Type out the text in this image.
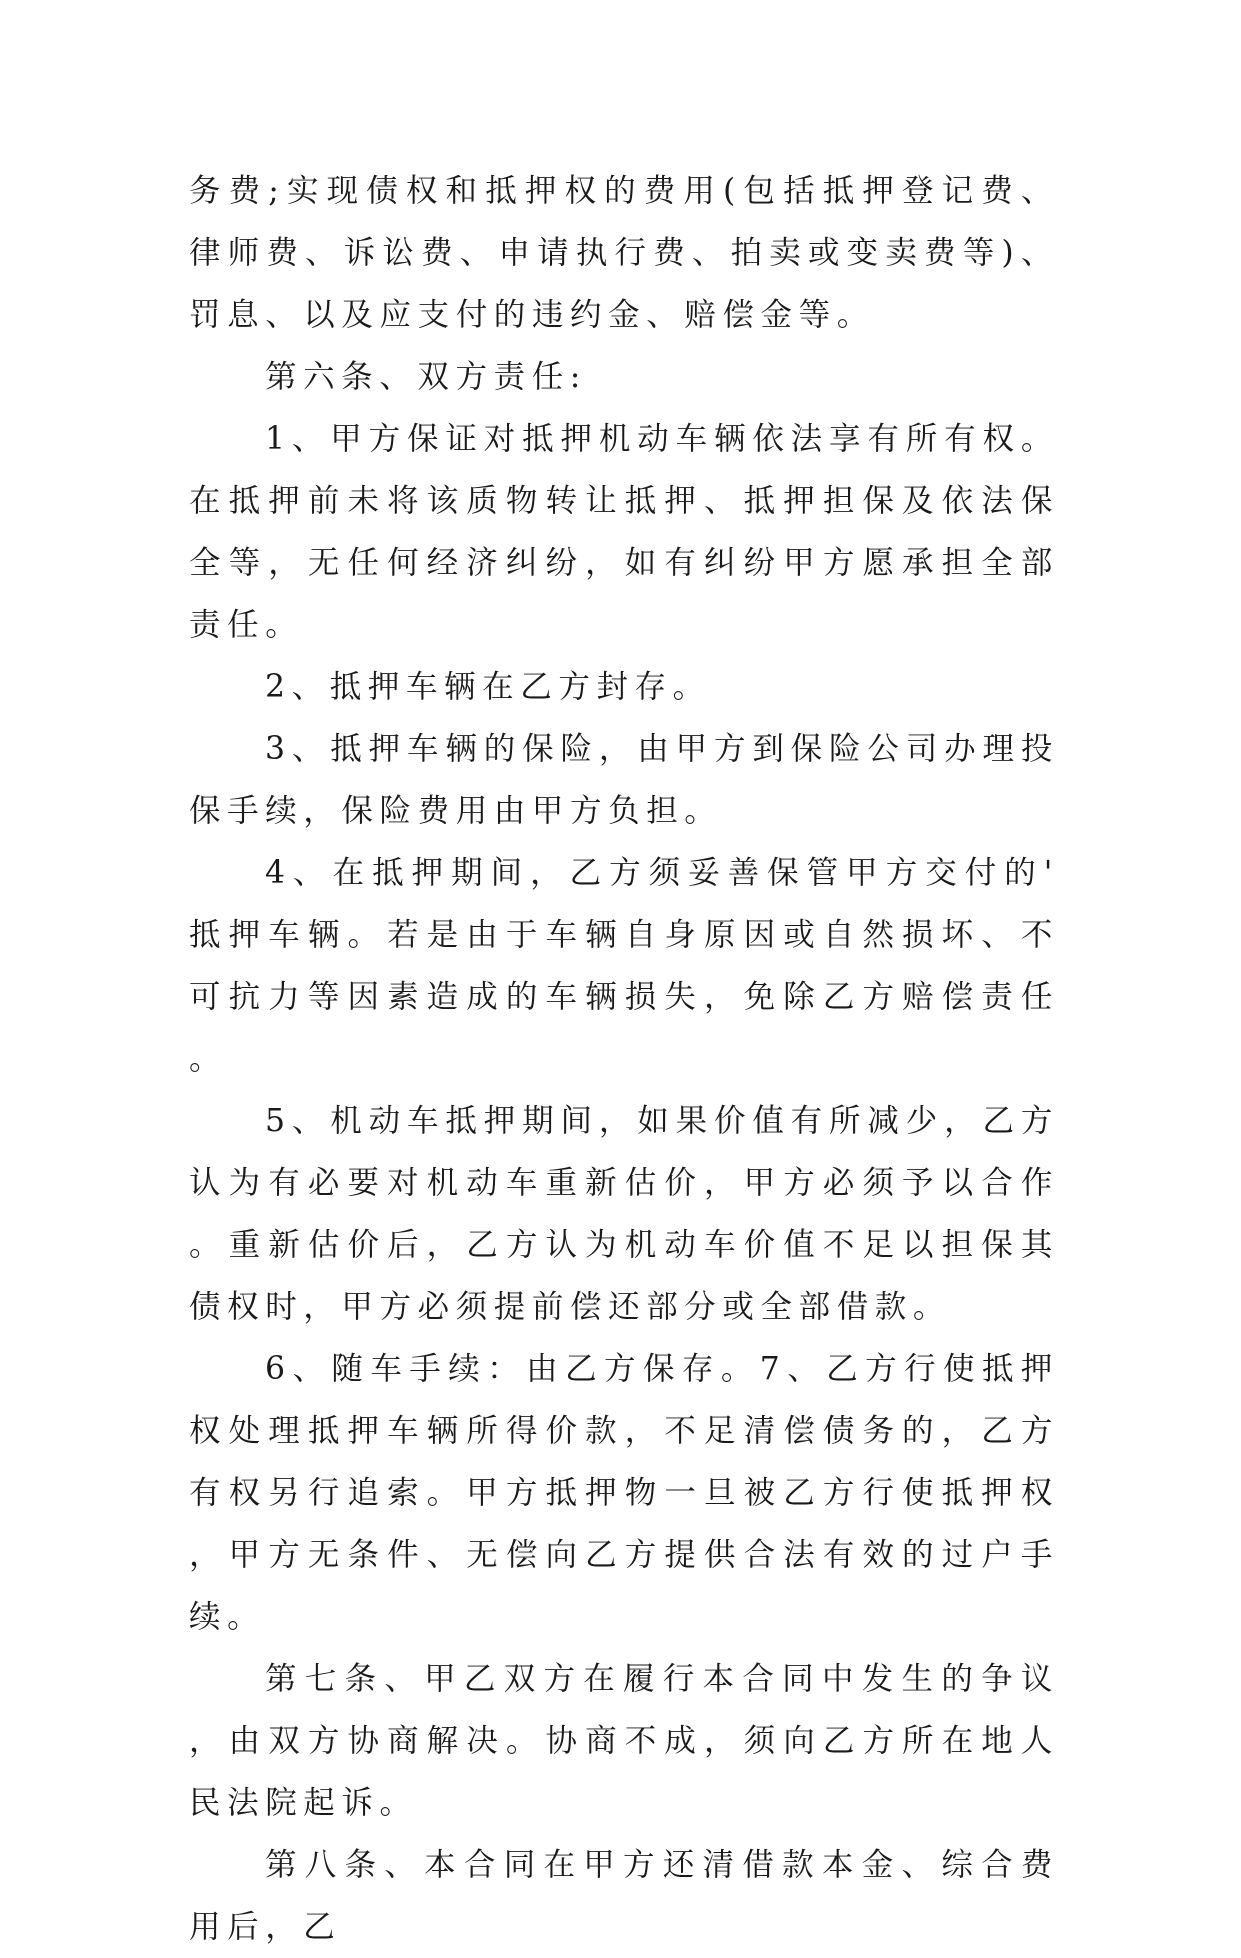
务费;实现债权和抵押权的费用(包括抵押登记费、律师费、诉讼费、申请执行费、拍卖或变卖费等)、罚息、以及应支付的违约金、赔偿金等。

第六条、双方责任:

1、甲方保证对抵押机动车辆依法享有所有权。在抵押前未将该质物转让抵押、抵押担保及依法保全等，无任何经济纠纷，如有纠纷甲方愿承担全部责任。

2、抵押车辆在乙方封存。

3、抵押车辆的保险，由甲方到保险公司办理投保手续，保险费用由甲方负担。

4、在抵押期间，乙方须妥善保管甲方交付的'抵押车辆。若是由于车辆自身原因或自然损坏、不可抗力等因素造成的车辆损失，免除乙方赔偿责任。

5、机动车抵押期间，如果价值有所减少，乙方认为有必要对机动车重新估价，甲方必须予以合作。重新估价后，乙方认为机动车价值不足以担保其债权时，甲方必须提前偿还部分或全部借款。

6、随车手续：由乙方保存。7、乙方行使抵押权处理抵押车辆所得价款，不足清偿债务的，乙方有权另行追索。甲方抵押物一旦被乙方行使抵押权，甲方无条件、无偿向乙方提供合法有效的过户手续。

第七条、甲乙双方在履行本合同中发生的争议，由双方协商解决。协商不成，须向乙方所在地人民法院起诉。

第八条、本合同在甲方还清借款本金、综合费用后，乙
